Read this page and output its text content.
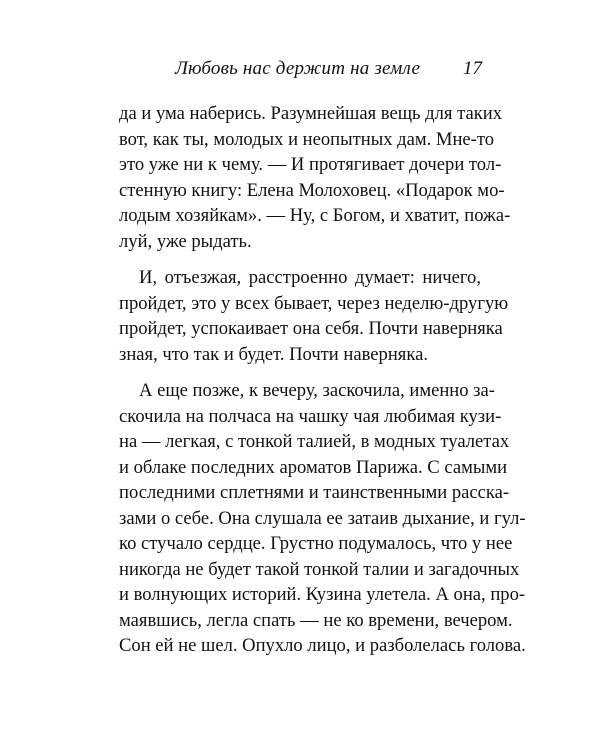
Любовь нас держит на земле 17
да и ума наберись. Разумнейшая вещь для таких
вот, как ты, молодых и неопытных дам. Мне-то
это уже ни к чему. — И протягивает дочери тол-
стенную книгу: Елена Молоховец. «Подарок мо-
лодым хозяйкам». — Ну, с Богом, и хватит, пожа-
луй, уже рыдать.
И, отъезжая, расстроенно думает: ничего,
пройдет, это у всех бывает, через неделю-другую
пройдет, успокаивает она себя. Почти наверняка
зная, что так и будет. Почти наверняка.
А еще позже, к вечеру, заскочила, именно за-
скочила на полчаса на чашку чая любимая кузи-
на — легкая, с тонкой талией, в модных туалетах
и облаке последних ароматов Парижа. С самыми
последними сплетнями и таинственными расска-
зами о себе. Она слушала ее затаив дыхание, и гул-
ко стучало сердце. Грустно подумалось, что у нее
никогда не будет такой тонкой талии и загадочных
и волнующих историй. Кузина улетела. А она, про-
маявшись, легла спать — не ко времени, вечером.
Сон ей не шел. Опухло лицо, и разболелась голова.
